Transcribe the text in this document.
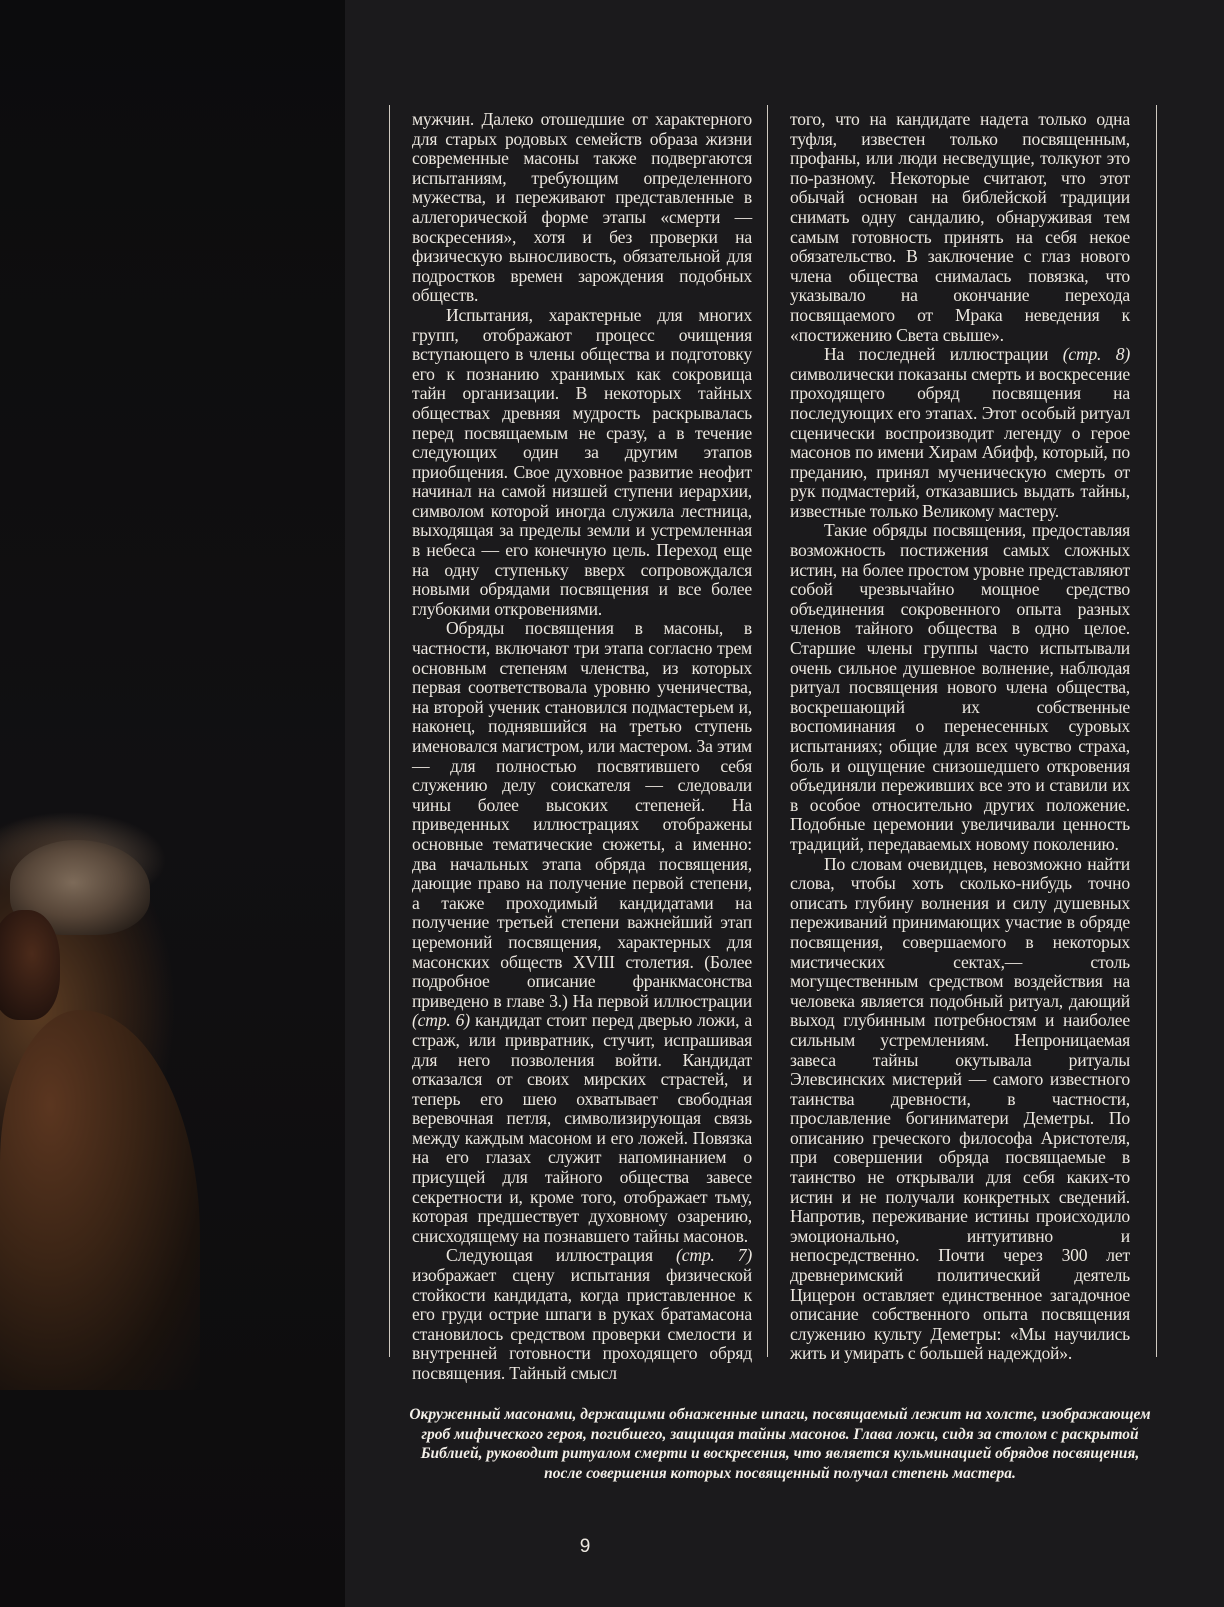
мужчин. Далеко отошедшие от характерного для старых родовых семейств образа жизни современные масоны также подвергаются испытаниям, требующим определенного мужества, и переживают представленные в аллегорической форме этапы «смерти — воскресения», хотя и без проверки на физическую выносливость, обязательной для подростков времен зарождения подобных обществ.

Испытания, характерные для многих групп, отображают процесс очищения вступающего в члены общества и подготовку его к познанию хранимых как сокровища тайн организации. В некоторых тайных обществах древняя мудрость раскрывалась перед посвящаемым не сразу, а в течение следующих один за другим этапов приобщения. Свое духовное развитие неофит начинал на самой низшей ступени иерархии, символом которой иногда служила лестница, выходящая за пределы земли и устремленная в небеса — его конечную цель. Переход еще на одну ступеньку вверх сопровождался новыми обрядами посвящения и все более глубокими откровениями.

Обряды посвящения в масоны, в частности, включают три этапа согласно трем основным степеням членства, из которых первая соответствовала уровню ученичества, на второй ученик становился подмастерьем и, наконец, поднявшийся на третью ступень именовался магистром, или мастером. За этим — для полностью посвятившего себя служению делу соискателя — следовали чины более высоких степеней. На приведенных иллюстрациях отображены основные тематические сюжеты, а именно: два начальных этапа обряда посвящения, дающие право на получение первой степени, а также проходимый кандидатами на получение третьей степени важнейший этап церемоний посвящения, характерных для масонских обществ XVIII столетия. (Более подробное описание франкмасонства приведено в главе 3.) На первой иллюстрации (стр. 6) кандидат стоит перед дверью ложи, а страж, или привратник, стучит, испрашивая для него позволения войти. Кандидат отказался от своих мирских страстей, и теперь его шею охватывает свободная веревочная петля, символизирующая связь между каждым масоном и его ложей. Повязка на его глазах служит напоминанием о присущей для тайного общества завесе секретности и, кроме того, отображает тьму, которая предшествует духовному озарению, снисходящему на познавшего тайны масонов.

Следующая иллюстрация (стр. 7) изображает сцену испытания физической стойкости кандидата, когда приставленное к его груди острие шпаги в руках братамасона становилось средством проверки смелости и внутренней готовности проходящего обряд посвящения. Тайный смысл

того, что на кандидате надета только одна туфля, известен только посвященным, профаны, или люди несведущие, толкуют это по-разному. Некоторые считают, что этот обычай основан на библейской традиции снимать одну сандалию, обнаруживая тем самым готовность принять на себя некое обязательство. В заключение с глаз нового члена общества снималась повязка, что указывало на окончание перехода посвящаемого от Мрака неведения к «постижению Света свыше».

На последней иллюстрации (стр. 8) символически показаны смерть и воскресение проходящего обряд посвящения на последующих его этапах. Этот особый ритуал сценически воспроизводит легенду о герое масонов по имени Хирам Абифф, который, по преданию, принял мученическую смерть от рук подмастерий, отказавшись выдать тайны, известные только Великому мастеру.

Такие обряды посвящения, предоставляя возможность постижения самых сложных истин, на более простом уровне представляют собой чрезвычайно мощное средство объединения сокровенного опыта разных членов тайного общества в одно целое. Старшие члены группы часто испытывали очень сильное душевное волнение, наблюдая ритуал посвящения нового члена общества, воскрешающий их собственные воспоминания о перенесенных суровых испытаниях; общие для всех чувство страха, боль и ощущение снизошедшего откровения объединяли переживших все это и ставили их в особое относительно других положение. Подобные церемонии увеличивали ценность традиций, передаваемых новому поколению.

По словам очевидцев, невозможно найти слова, чтобы хоть сколько-нибудь точно описать глубину волнения и силу душевных переживаний принимающих участие в обряде посвящения, совершаемого в некоторых мистических сектах,— столь могущественным средством воздействия на человека является подобный ритуал, дающий выход глубинным потребностям и наиболее сильным устремлениям. Непроницаемая завеса тайны окутывала ритуалы Элевсинских мистерий — самого известного таинства древности, в частности, прославление богиниматери Деметры. По описанию греческого философа Аристотеля, при совершении обряда посвящаемые в таинство не открывали для себя каких-то истин и не получали конкретных сведений. Напротив, переживание истины происходило эмоционально, интуитивно и непосредственно. Почти через 300 лет древнеримский политический деятель Цицерон оставляет единственное загадочное описание собственного опыта посвящения служению культу Деметры: «Мы научились жить и умирать с большей надеждой».

Окруженный масонами, держащими обнаженные шпаги, посвящаемый лежит на холсте, изображающем гроб мифического героя, погибшего, защищая тайны масонов. Глава ложи, сидя за столом с раскрытой Библией, руководит ритуалом смерти и воскресения, что является кульминацией обрядов посвящения, после совершения которых посвященный получал степень мастера.
9
